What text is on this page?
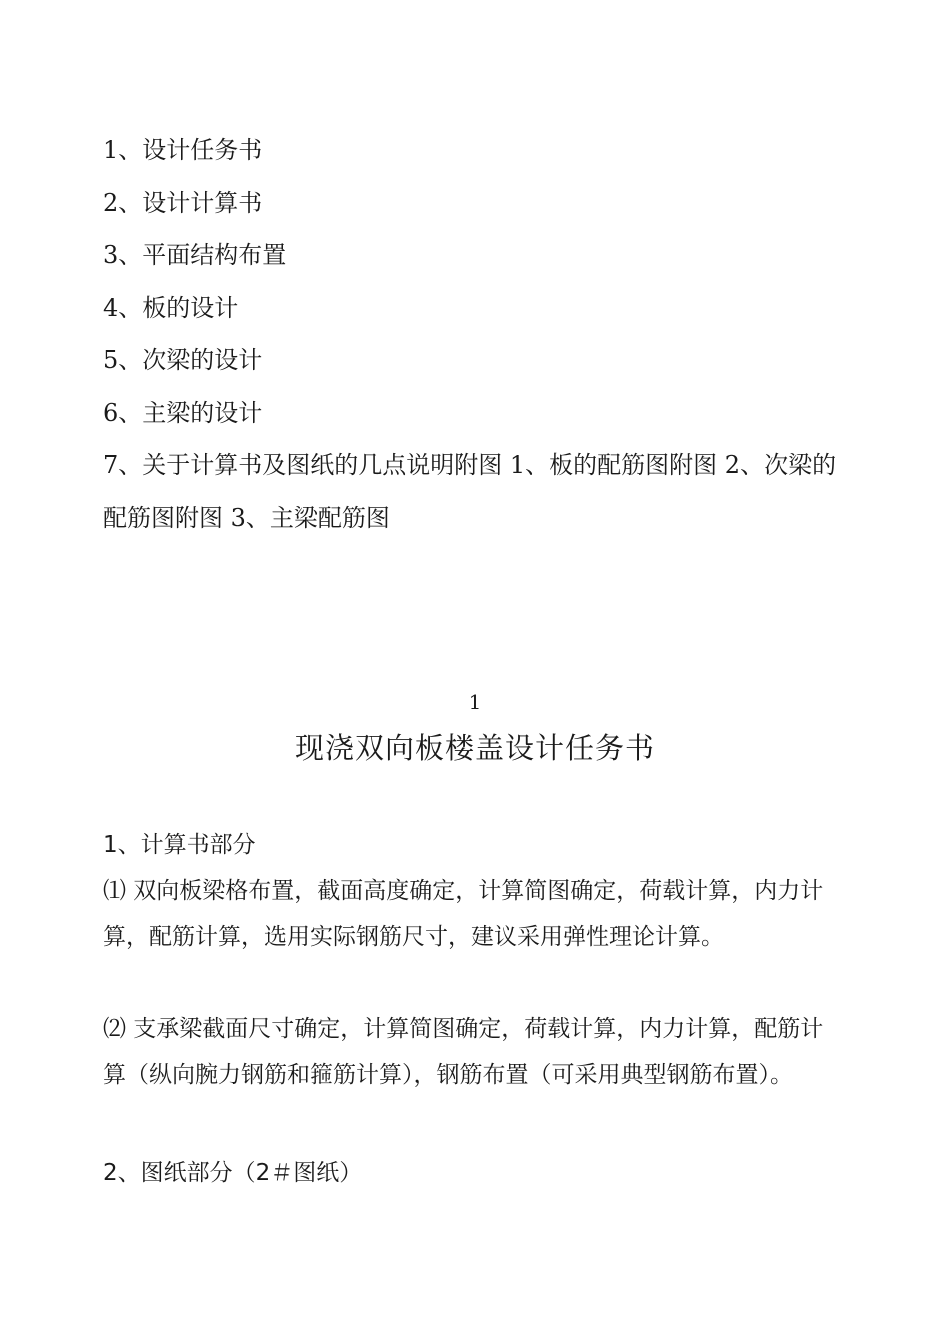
1、设计任务书
2、设计计算书
3、平面结构布置
4、板的设计
5、次梁的设计
6、主梁的设计
7、关于计算书及图纸的几点说明附图 1、板的配筋图附图 2、次梁的配筋图附图 3、主梁配筋图
1
现浇双向板楼盖设计任务书

1、计算书部分

⑴ 双向板梁格布置，截面高度确定，计算简图确定，荷载计算，内力计算，配筋计算，选用实际钢筋尺寸，建议采用弹性理论计算。

⑵ 支承梁截面尺寸确定，计算简图确定，荷载计算，内力计算，配筋计算（纵向腕力钢筋和箍筋计算），钢筋布置（可采用典型钢筋布置）。

2、图纸部分（2＃图纸）
